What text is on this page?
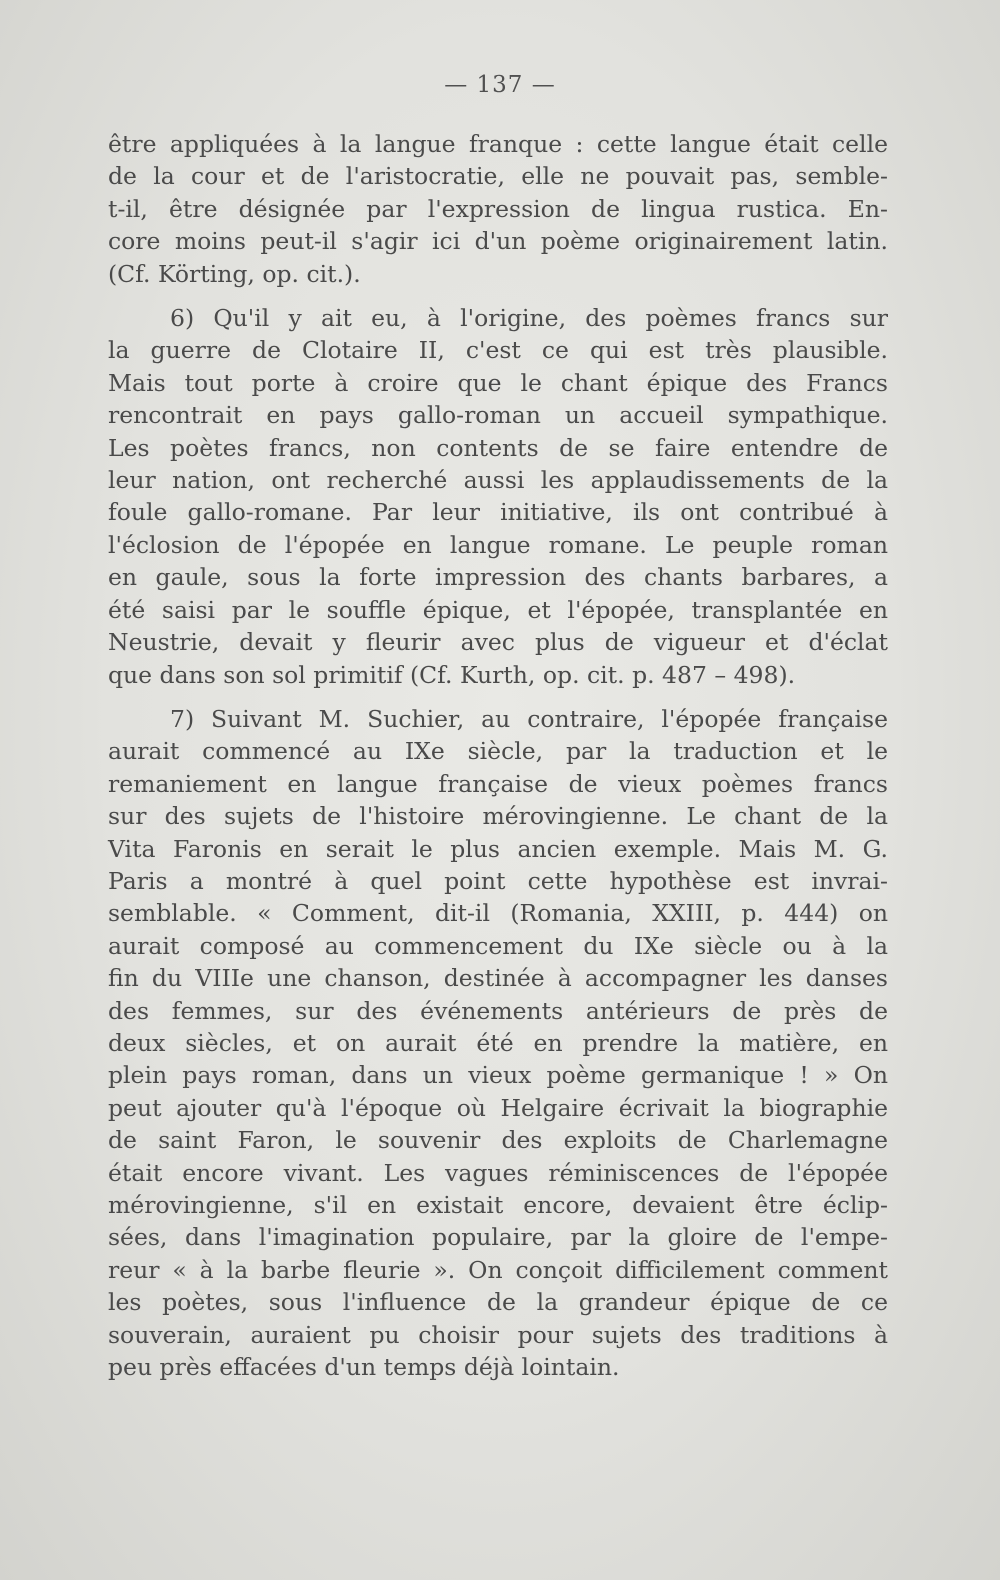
— 137 —

être appliquées à la langue franque : cette langue était celle

de la cour et de l'aristocratie, elle ne pouvait pas, semble-

t-il, être désignée par l'expression de lingua rustica. En-

core moins peut-il s'agir ici d'un poème originairement latin.

(Cf. Körting, op. cit.).

6) Qu'il y ait eu, à l'origine, des poèmes francs sur

la guerre de Clotaire II, c'est ce qui est très plausible.

Mais tout porte à croire que le chant épique des Francs

rencontrait en pays gallo-roman un accueil sympathique.

Les poètes francs, non contents de se faire entendre de

leur nation, ont recherché aussi les applaudissements de la

foule gallo-romane. Par leur initiative, ils ont contribué à

l'éclosion de l'épopée en langue romane. Le peuple roman

en gaule, sous la forte impression des chants barbares, a

été saisi par le souffle épique, et l'épopée, transplantée en

Neustrie, devait y fleurir avec plus de vigueur et d'éclat

que dans son sol primitif (Cf. Kurth, op. cit. p. 487 – 498).

7) Suivant M. Suchier, au contraire, l'épopée française

aurait commencé au IXe siècle, par la traduction et le

remaniement en langue française de vieux poèmes francs

sur des sujets de l'histoire mérovingienne. Le chant de la

Vita Faronis en serait le plus ancien exemple. Mais M. G.

Paris a montré à quel point cette hypothèse est invrai-

semblable. « Comment, dit-il (Romania, XXIII, p. 444) on

aurait composé au commencement du IXe siècle ou à la

fin du VIIIe une chanson, destinée à accompagner les danses

des femmes, sur des événements antérieurs de près de

deux siècles, et on aurait été en prendre la matière, en

plein pays roman, dans un vieux poème germanique ! » On

peut ajouter qu'à l'époque où Helgaire écrivait la biographie

de saint Faron, le souvenir des exploits de Charlemagne

était encore vivant. Les vagues réminiscences de l'épopée

mérovingienne, s'il en existait encore, devaient être éclip-

sées, dans l'imagination populaire, par la gloire de l'empe-

reur « à la barbe fleurie ». On conçoit difficilement comment

les poètes, sous l'influence de la grandeur épique de ce

souverain, auraient pu choisir pour sujets des traditions à

peu près effacées d'un temps déjà lointain.
